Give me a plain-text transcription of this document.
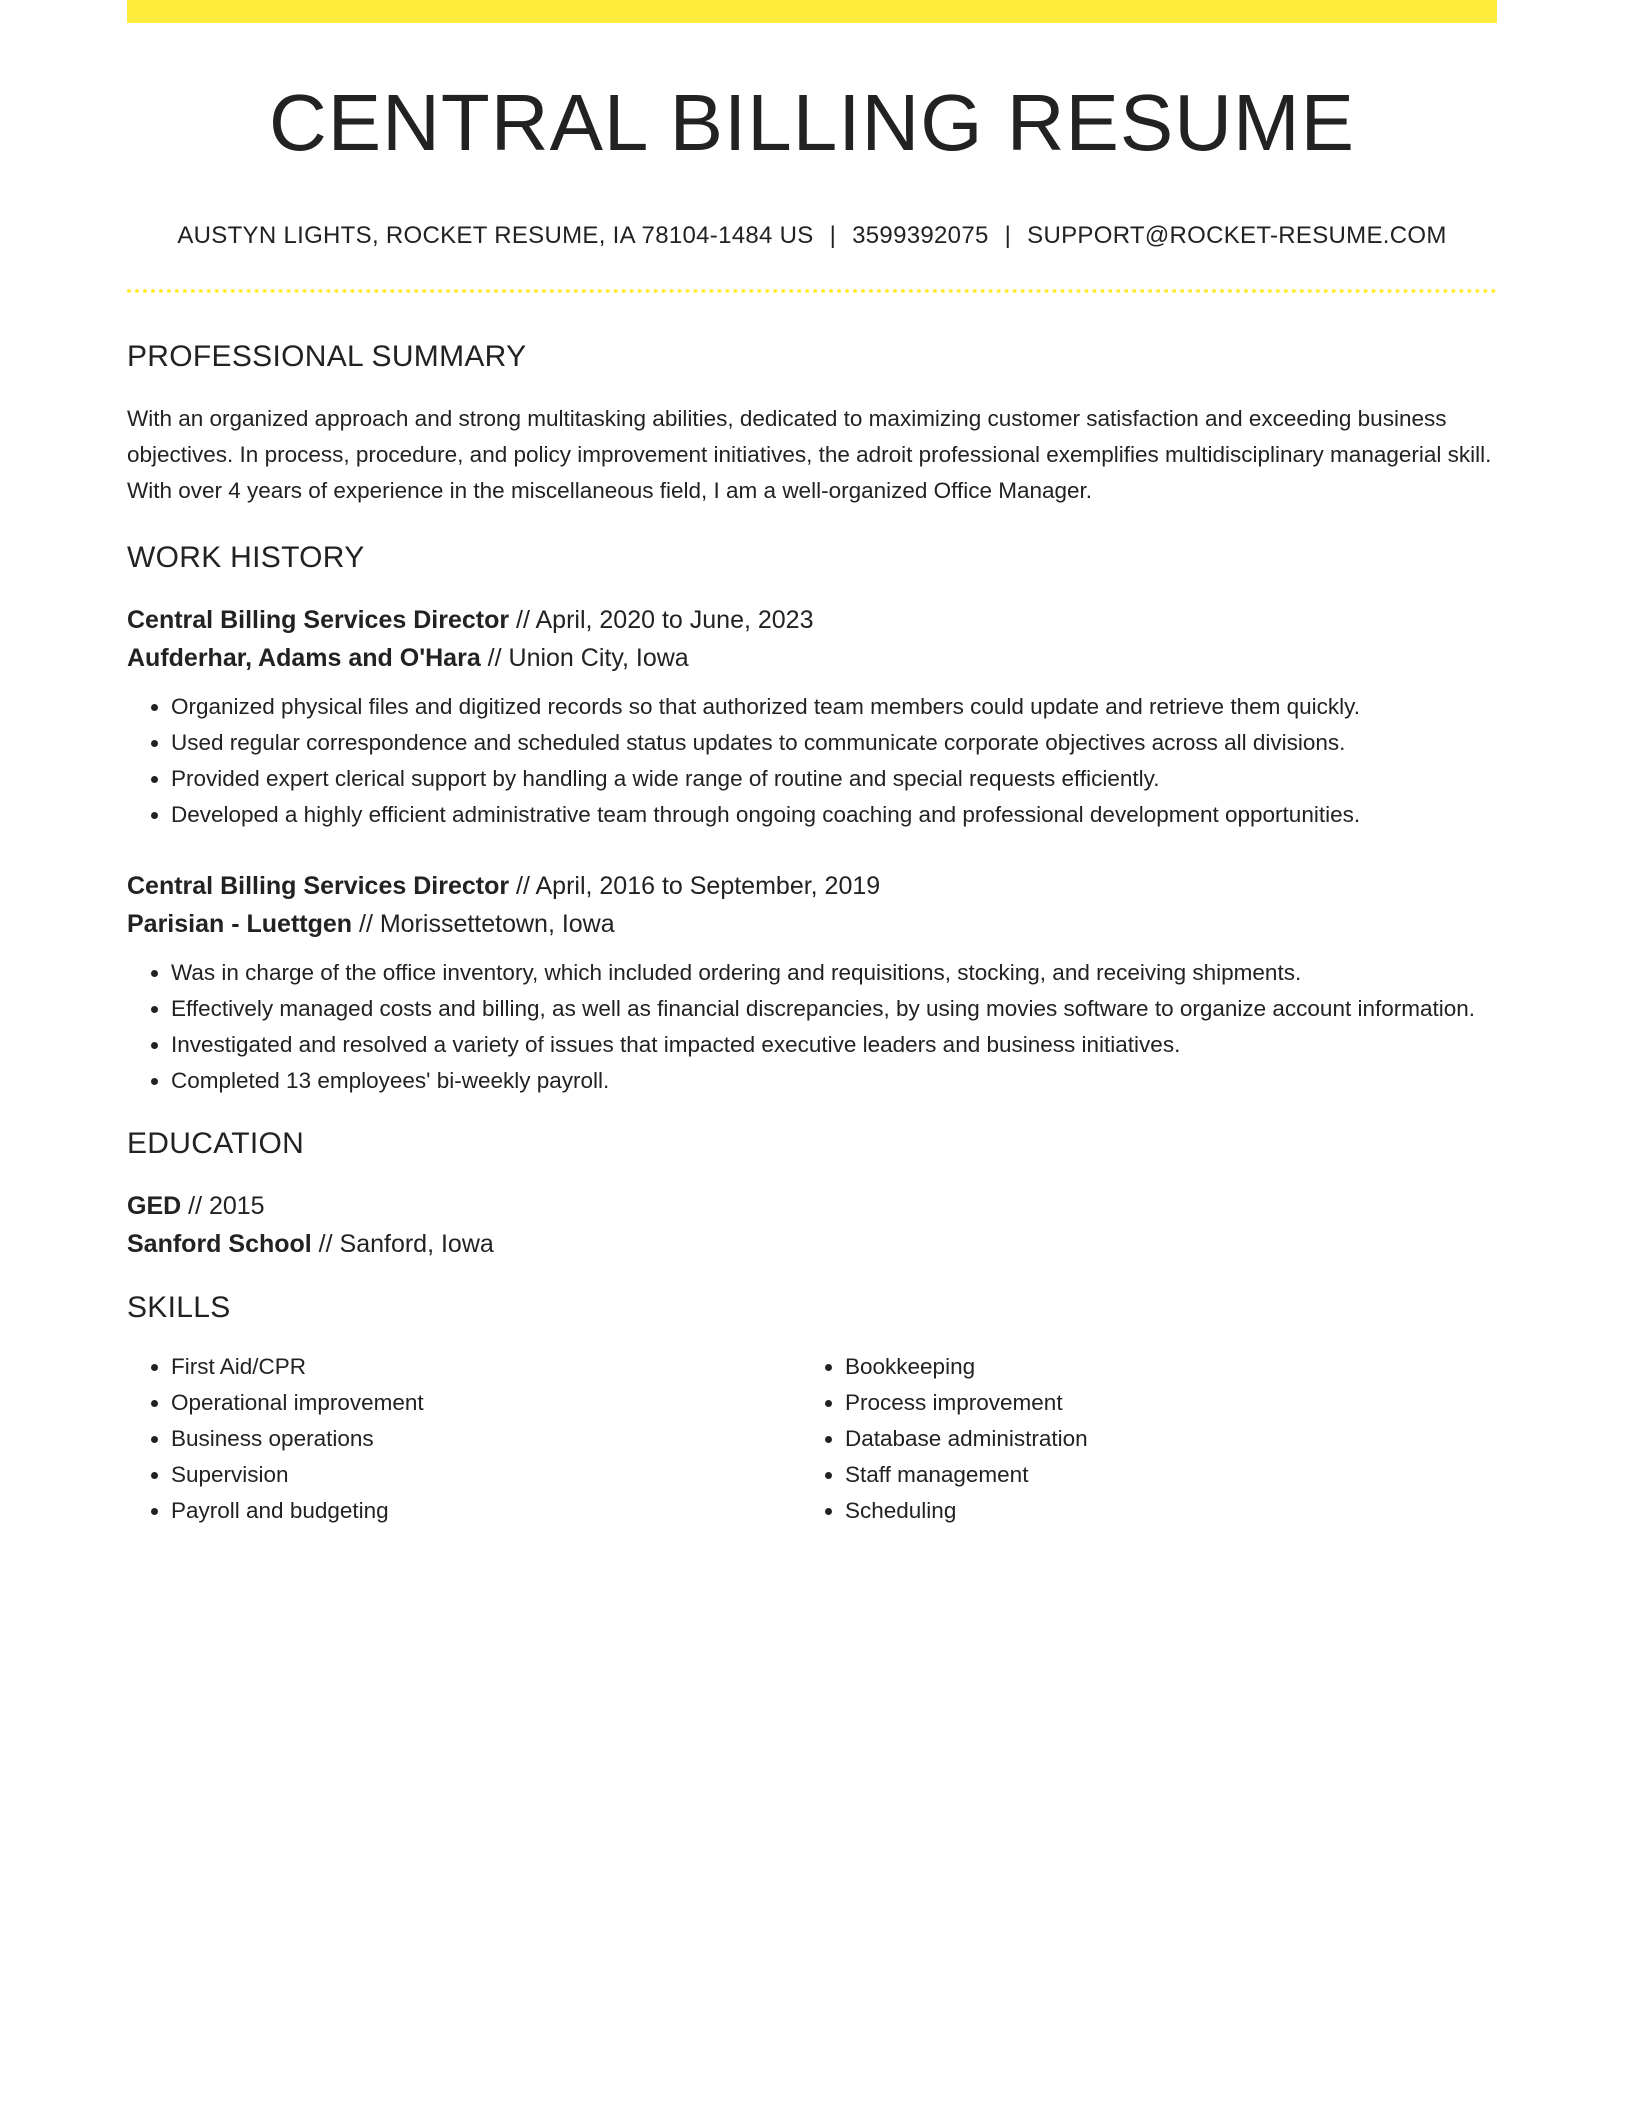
CENTRAL BILLING RESUME
AUSTYN LIGHTS, ROCKET RESUME, IA 78104-1484 US | 3599392075 | SUPPORT@ROCKET-RESUME.COM
PROFESSIONAL SUMMARY

With an organized approach and strong multitasking abilities, dedicated to maximizing customer satisfaction and exceeding business objectives. In process, procedure, and policy improvement initiatives, the adroit professional exemplifies multidisciplinary managerial skill. With over 4 years of experience in the miscellaneous field, I am a well-organized Office Manager.

WORK HISTORY
Central Billing Services Director // April, 2020 to June, 2023
Aufderhar, Adams and O'Hara // Union City, Iowa
• Organized physical files and digitized records so that authorized team members could update and retrieve them quickly.
• Used regular correspondence and scheduled status updates to communicate corporate objectives across all divisions.
• Provided expert clerical support by handling a wide range of routine and special requests efficiently.
• Developed a highly efficient administrative team through ongoing coaching and professional development opportunities.
Central Billing Services Director // April, 2016 to September, 2019
Parisian - Luettgen // Morissettetown, Iowa
• Was in charge of the office inventory, which included ordering and requisitions, stocking, and receiving shipments.
• Effectively managed costs and billing, as well as financial discrepancies, by using movies software to organize account information.
• Investigated and resolved a variety of issues that impacted executive leaders and business initiatives.
• Completed 13 employees' bi-weekly payroll.
EDUCATION
GED // 2015
Sanford School // Sanford, Iowa
SKILLS
• First Aid/CPR
• Operational improvement
• Business operations
• Supervision
• Payroll and budgeting
• Bookkeeping
• Process improvement
• Database administration
• Staff management
• Scheduling
